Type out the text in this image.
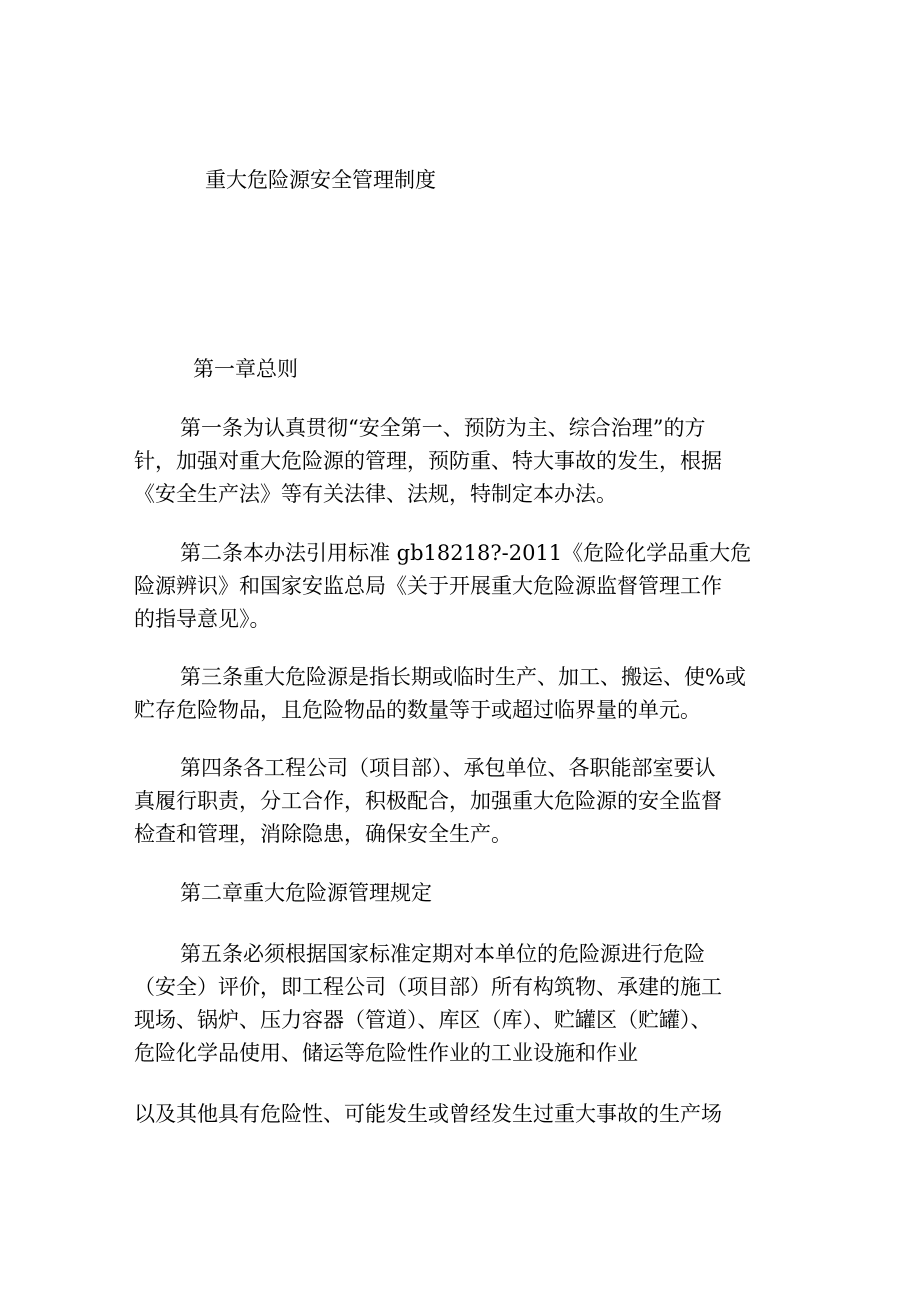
重大危险源安全管理制度
第一章总则

第一条为认真贯彻“安全第一、预防为主、综合治理”的方
针，加强对重大危险源的管理，预防重、特大事故的发生，根据
《安全生产法》等有关法律、法规，特制定本办法。

第二条本办法引用标准 gb18218?-2011《危险化学品重大危
险源辨识》和国家安监总局《关于开展重大危险源监督管理工作
的指导意见》。

第三条重大危险源是指长期或临时生产、加工、搬运、使%或
贮存危险物品，且危险物品的数量等于或超过临界量的单元。

第四条各工程公司（项目部）、承包单位、各职能部室要认
真履行职责，分工合作，积极配合，加强重大危险源的安全监督
检查和管理，消除隐患，确保安全生产。

第二章重大危险源管理规定

第五条必须根据国家标准定期对本单位的危险源进行危险
（安全）评价，即工程公司（项目部）所有构筑物、承建的施工
现场、锅炉、压力容器（管道）、库区（库）、贮罐区（贮罐）、
危险化学品使用、储运等危险性作业的工业设施和作业

以及其他具有危险性、可能发生或曾经发生过重大事故的生产场
